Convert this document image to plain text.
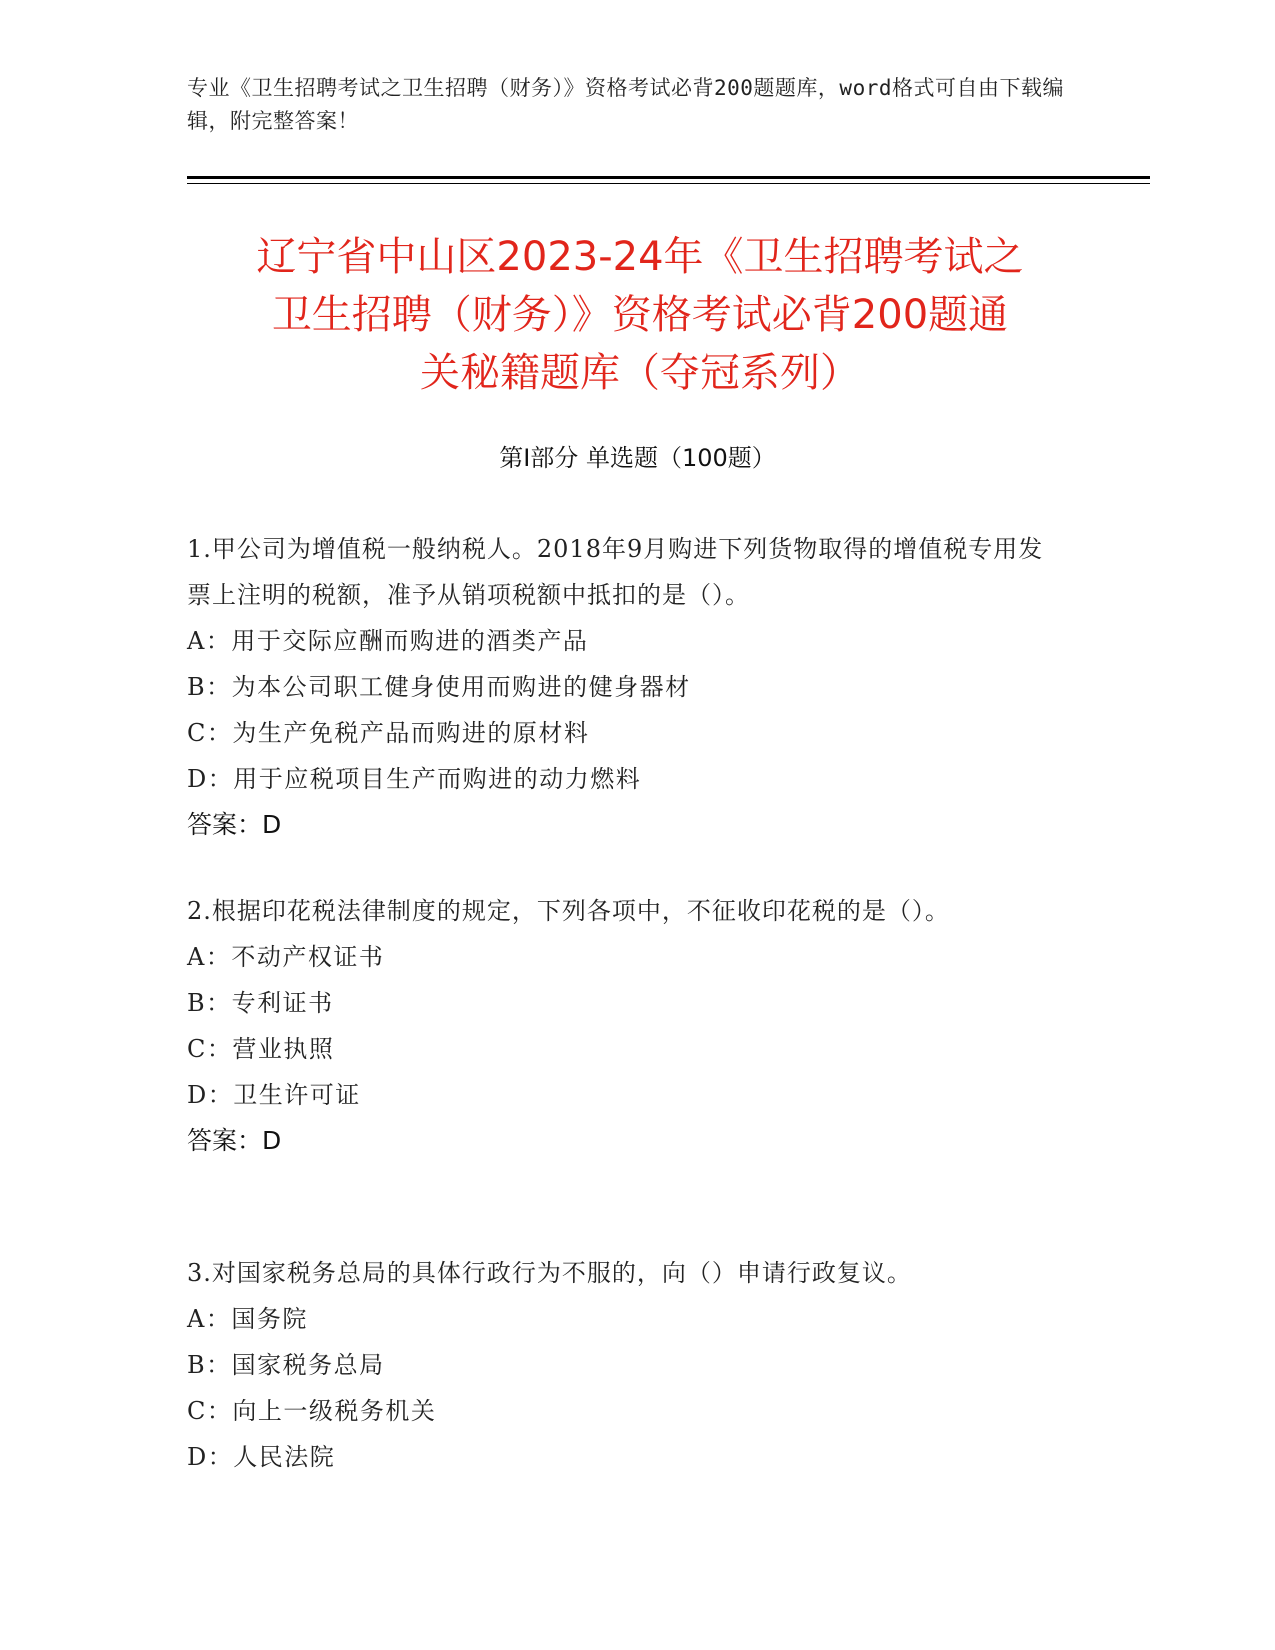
专业《卫生招聘考试之卫生招聘（财务）》资格考试必背200题题库，word格式可自由下载编辑，附完整答案！
辽宁省中山区2023-24年《卫生招聘考试之
卫生招聘（财务）》资格考试必背200题通
关秘籍题库（夺冠系列）
第I部分 单选题（100题）
1.甲公司为增值税一般纳税人。2018年9月购进下列货物取得的增值税专用发票上注明的税额，准予从销项税额中抵扣的是（）。
A：用于交际应酬而购进的酒类产品
B：为本公司职工健身使用而购进的健身器材
C：为生产免税产品而购进的原材料
D：用于应税项目生产而购进的动力燃料
答案：D
2.根据印花税法律制度的规定，下列各项中，不征收印花税的是（）。
A：不动产权证书
B：专利证书
C：营业执照
D：卫生许可证
答案：D
3.对国家税务总局的具体行政行为不服的，向（）申请行政复议。
A：国务院
B：国家税务总局
C：向上一级税务机关
D：人民法院
